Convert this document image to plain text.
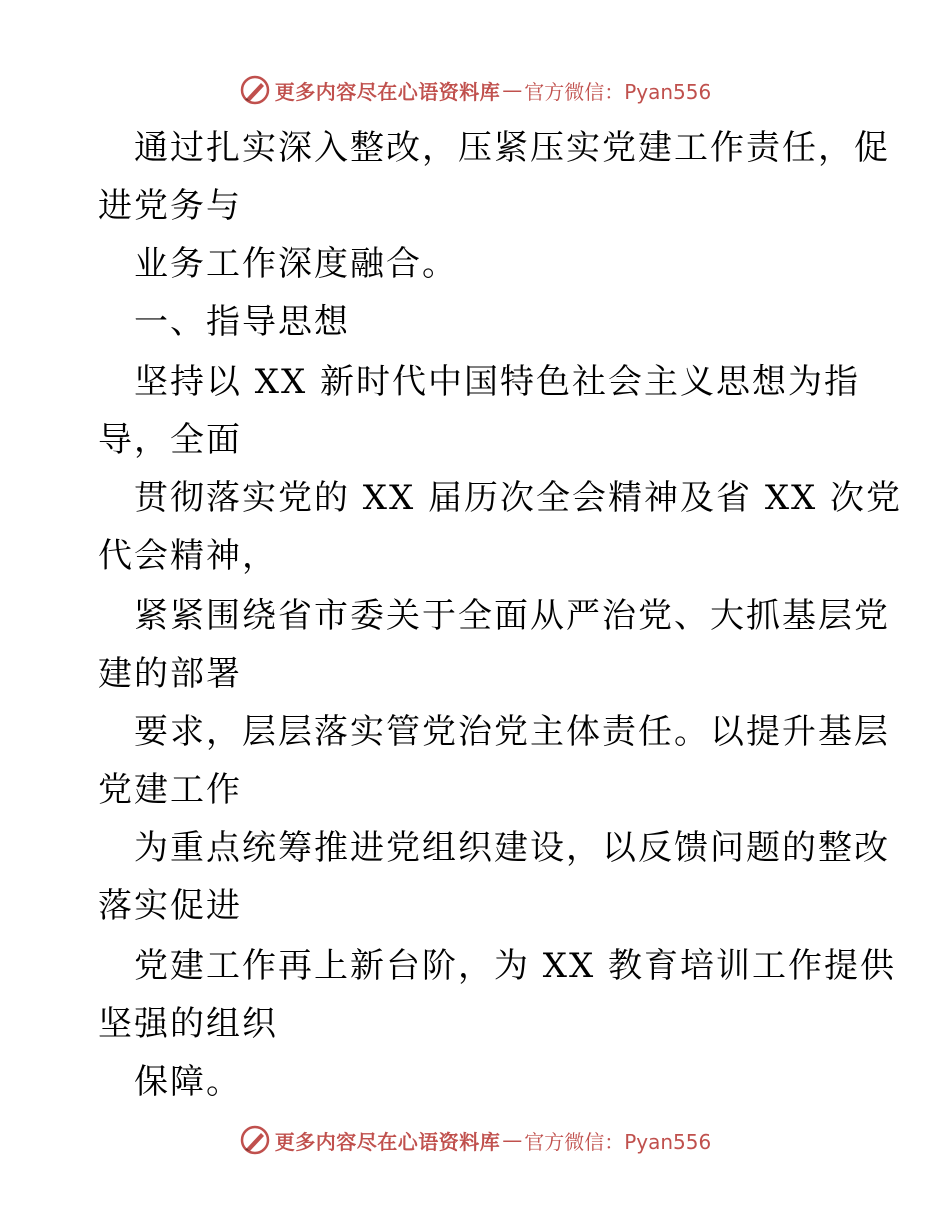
更多内容尽在心语资料库 — 官方微信：Pyan556
通过扎实深入整改，压紧压实党建工作责任，促
进党务与
业务工作深度融合。
一、指导思想
坚持以 XX 新时代中国特色社会主义思想为指
导，全面
贯彻落实党的 XX 届历次全会精神及省 XX 次党
代会精神，
紧紧围绕省市委关于全面从严治党、大抓基层党
建的部署
要求，层层落实管党治党主体责任。以提升基层
党建工作
为重点统筹推进党组织建设，以反馈问题的整改
落实促进
党建工作再上新台阶，为 XX 教育培训工作提供
坚强的组织
保障。
更多内容尽在心语资料库 — 官方微信：Pyan556
